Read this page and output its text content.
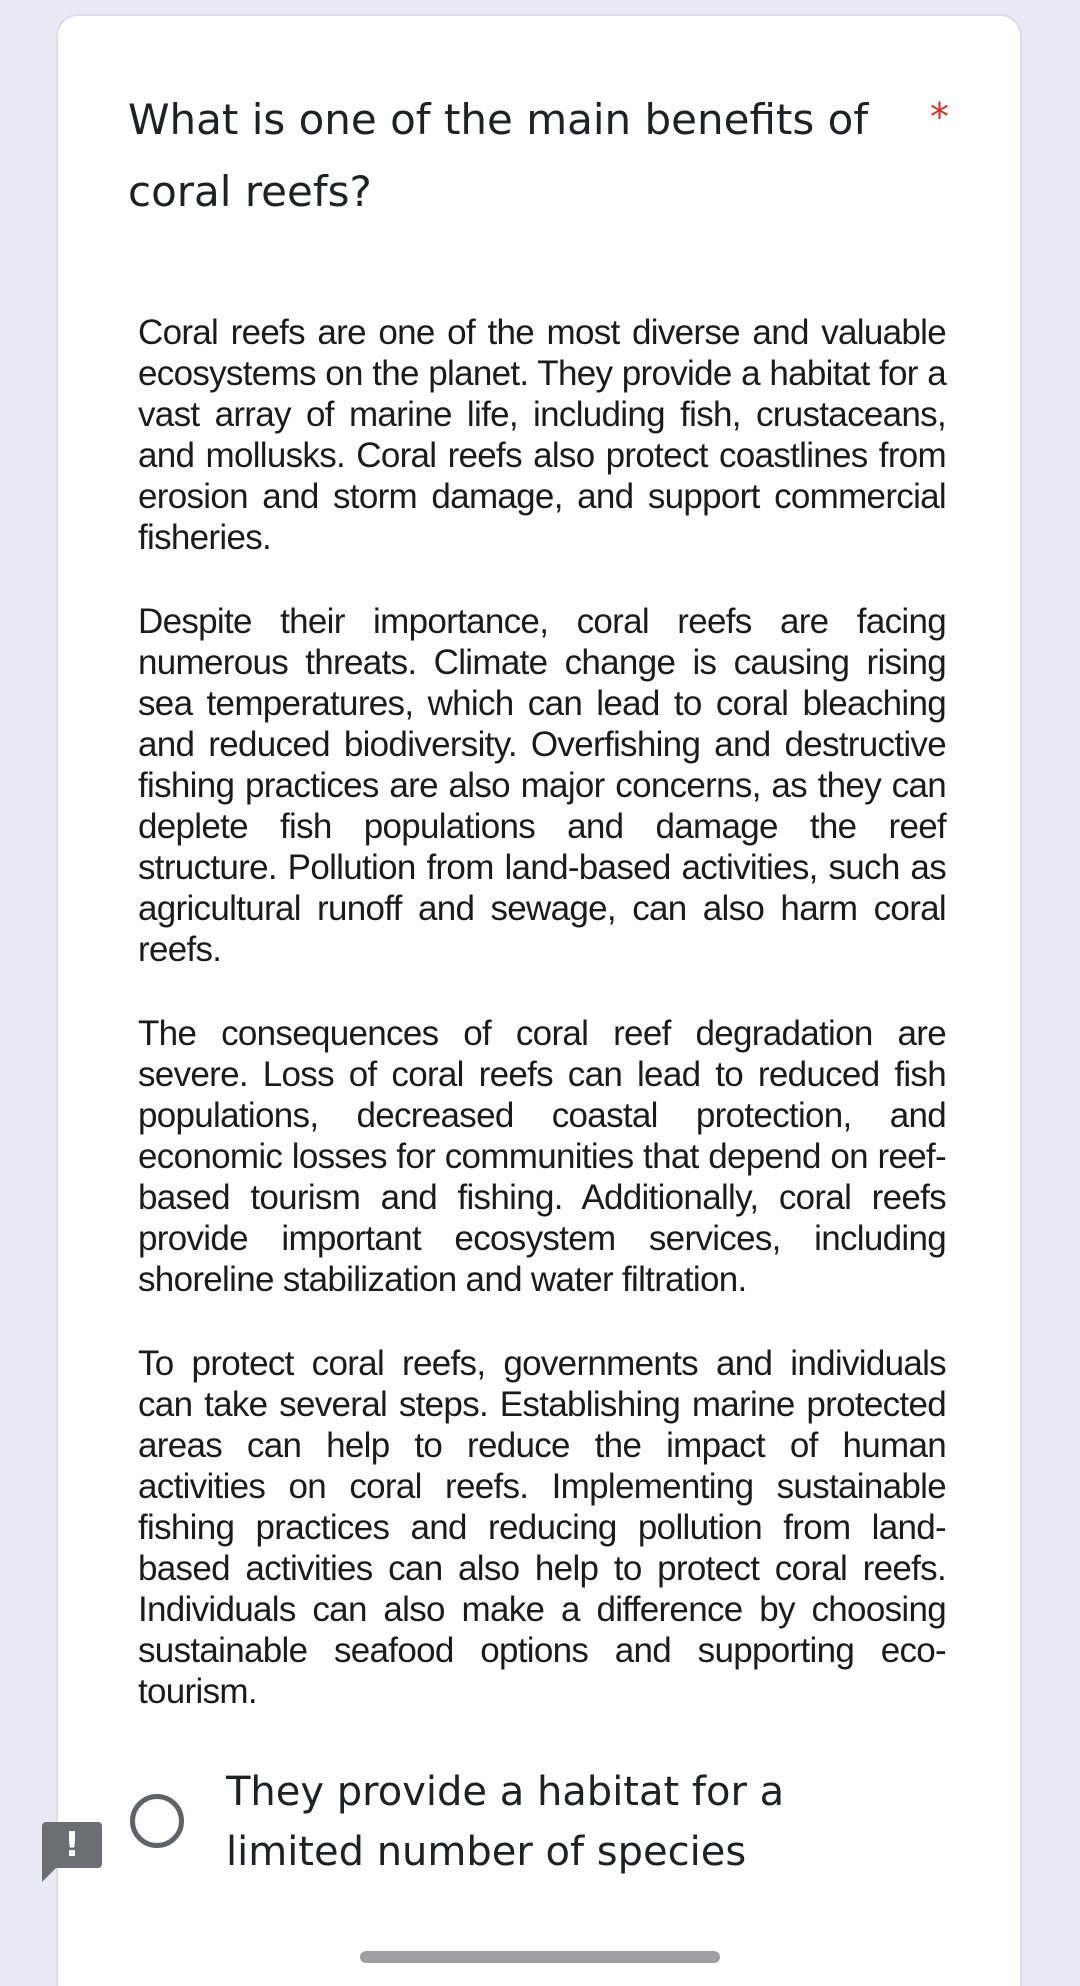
What is one of the main benefits of coral reefs?
*

Coral reefs are one of the most diverse and valuable ecosystems on the planet. They provide a habitat for a vast array of marine life, including fish, crustaceans, and mollusks. Coral reefs also protect coastlines from erosion and storm damage, and support commercial fisheries.

Despite their importance, coral reefs are facing numerous threats. Climate change is causing rising sea temperatures, which can lead to coral bleaching and reduced biodiversity. Overfishing and destructive fishing practices are also major concerns, as they can deplete fish populations and damage the reef structure. Pollution from land-based activities, such as agricultural runoff and sewage, can also harm coral reefs.

The consequences of coral reef degradation are severe. Loss of coral reefs can lead to reduced fish populations, decreased coastal protection, and economic losses for communities that depend on reef-based tourism and fishing. Additionally, coral reefs provide important ecosystem services, including shoreline stabilization and water filtration.

To protect coral reefs, governments and individuals can take several steps. Establishing marine protected areas can help to reduce the impact of human activities on coral reefs. Implementing sustainable fishing practices and reducing pollution from land-based activities can also help to protect coral reefs. Individuals can also make a difference by choosing sustainable seafood options and supporting eco-tourism.

They provide a habitat for a limited number of species
!
